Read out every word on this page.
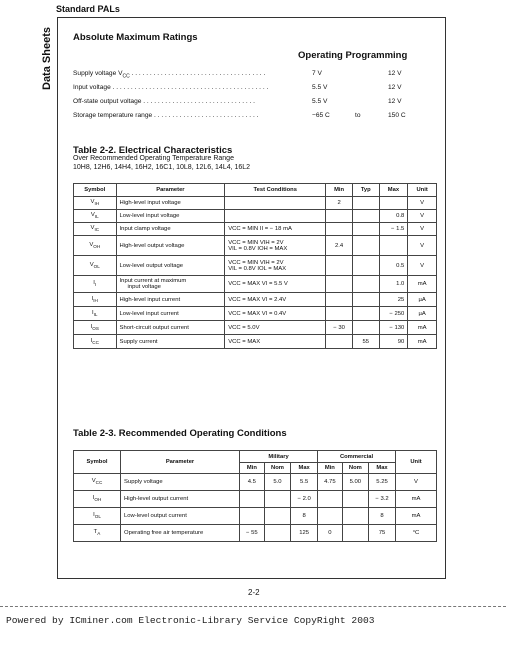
Standard PALs
Data Sheets Absolute Maximum Ratings
Operating Programming
Supply voltage $V_{CC}$ . . . . . . . . . . . . . . . . . . . . . . . . . . . . . . . . . . . . .	7 V	12 V
Input voltage . . . . . . . . . . . . . . . . . . . . . . . . . . . . . . . . . . . . . . . . . . .	5.5 V	12 V
Off-state output voltage . . . . . . . . . . . . . . . . . . . . . . . . . . . . . . .	5.5 V	12 V
Storage temperature range . . . . . . . . . . . . . . . . . . . . . . . . . . . . .	−65 C	to	150 C
Table 2-2. Electrical Characteristics
Over Recommended Operating Temperature Range
10H8, 12H6, 14H4, 16H2, 16C1, 10L8, 12L6, 14L4, 16L2
Symbol	Parameter	Test Conditions	Min	Typ	Max	Unit
$V_{IH}$	High-level input voltage		2			V
$V_{IL}$	Low-level input voltage				0.8	V
$V_{IC}$	Input clamp voltage	VCC = MIN II = − 18 mA			− 1.5	V
$V_{OH}$	High-level output voltage	VCC = MIN VIH = 2V
VIL = 0.8V IOH = MAX	2.4			V
$V_{OL}$	Low-level output voltage	VCC = MIN VIH = 2V
VIL = 0.8V IOL = MAX			0.5	V
$I_I$	Input current at maximum
input voltage	VCC = MAX VI = 5.5 V			1.0	mA
$I_{IH}$	High-level input current	VCC = MAX VI = 2.4V			25	µA
$I_{IL}$	Low-level input current	VCC = MAX VI = 0.4V			− 250	µA
$I_{OS}$	Short-circuit output current	VCC = 5.0V	− 30		− 130	mA
$I_{CC}$	Supply current	VCC = MAX		55	90	mA
Table 2-3. Recommended Operating Conditions
Symbol	Parameter	Military			Commercial			Unit
		Min	Nom	Max	Min	Nom	Max	
$V_{CC}$	Supply voltage	4.5	5.0	5.5	4.75	5.00	5.25	V
$I_{OH}$	High-level output current			− 2.0			− 3.2	mA
$I_{OL}$	Low-level output current			8			8	mA
$T_A$	Operating free air temperature	− 55		125	0		75	°C
2-2
Powered by ICminer.com Electronic-Library Service CopyRight 2003
